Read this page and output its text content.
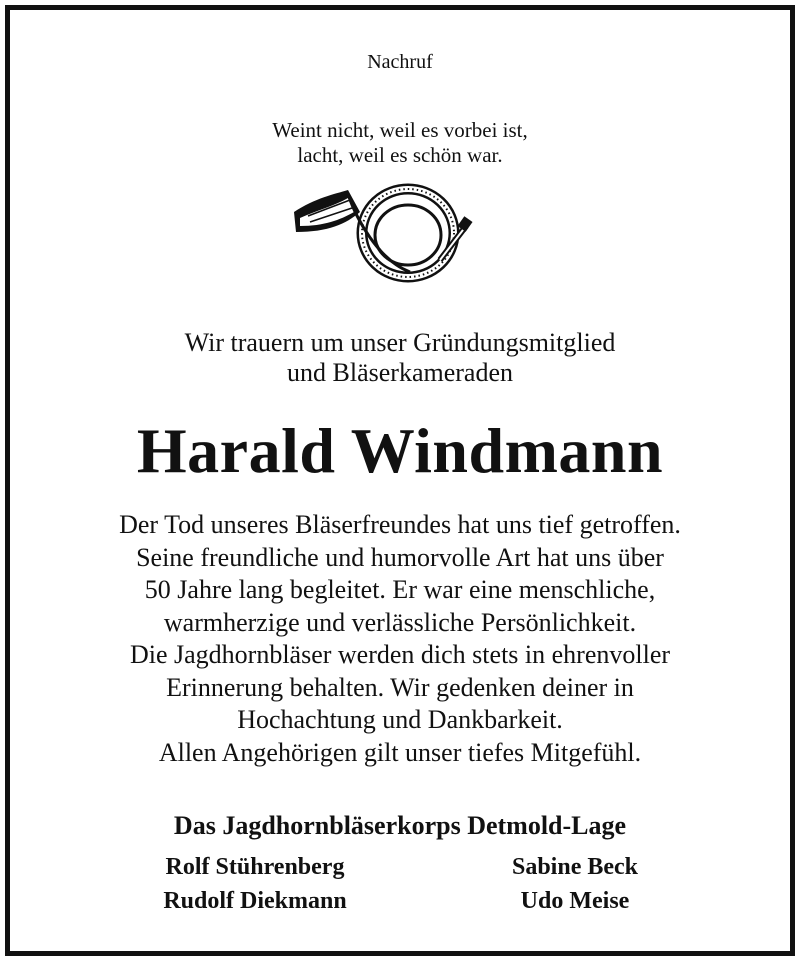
Nachruf
Weint nicht, weil es vorbei ist,
lacht, weil es schön war.
Wir trauern um unser Gründungsmitglied
und Bläserkameraden
Harald Windmann
Der Tod unseres Bläserfreundes hat uns tief getroffen.
Seine freundliche und humorvolle Art hat uns über
50 Jahre lang begleitet. Er war eine menschliche,
warmherzige und verlässliche Persönlichkeit.
Die Jagdhornbläser werden dich stets in ehrenvoller
Erinnerung behalten. Wir gedenken deiner in
Hochachtung und Dankbarkeit.
Allen Angehörigen gilt unser tiefes Mitgefühl.
Das Jagdhornbläserkorps Detmold-Lage
Rolf Stührenberg
Rudolf Diekmann
Sabine Beck
Udo Meise
